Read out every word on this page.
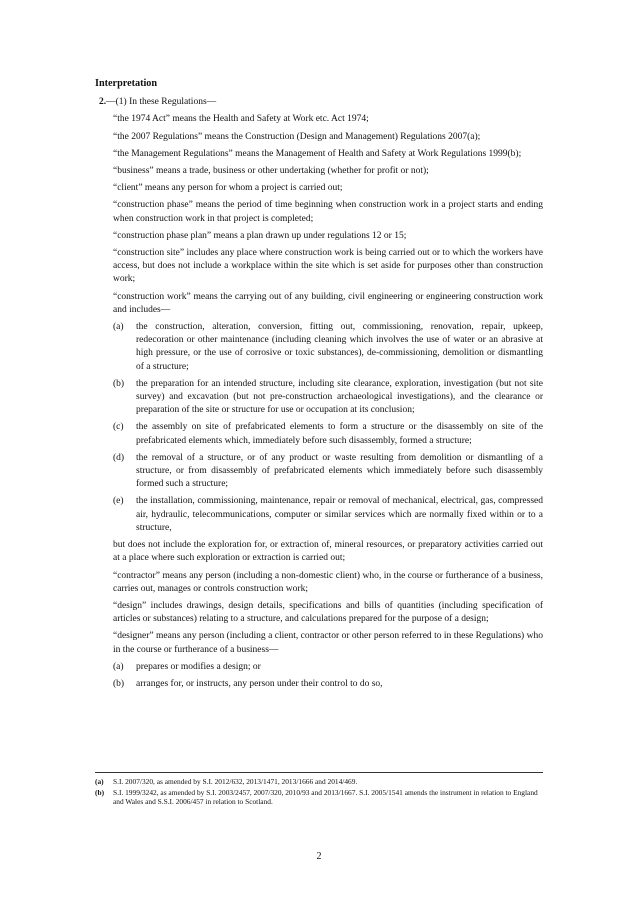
Interpretation
2.—(1) In these Regulations—
“the 1974 Act” means the Health and Safety at Work etc. Act 1974;
“the 2007 Regulations” means the Construction (Design and Management) Regulations 2007(a);
“the Management Regulations” means the Management of Health and Safety at Work Regulations 1999(b);
“business” means a trade, business or other undertaking (whether for profit or not);
“client” means any person for whom a project is carried out;
“construction phase” means the period of time beginning when construction work in a project starts and ending when construction work in that project is completed;
“construction phase plan” means a plan drawn up under regulations 12 or 15;
“construction site” includes any place where construction work is being carried out or to which the workers have access, but does not include a workplace within the site which is set aside for purposes other than construction work;
“construction work” means the carrying out of any building, civil engineering or engineering construction work and includes—
(a)	the construction, alteration, conversion, fitting out, commissioning, renovation, repair, upkeep, redecoration or other maintenance (including cleaning which involves the use of water or an abrasive at high pressure, or the use of corrosive or toxic substances), de-commissioning, demolition or dismantling of a structure;
(b)	the preparation for an intended structure, including site clearance, exploration, investigation (but not site survey) and excavation (but not pre-construction archaeological investigations), and the clearance or preparation of the site or structure for use or occupation at its conclusion;
(c)	the assembly on site of prefabricated elements to form a structure or the disassembly on site of the prefabricated elements which, immediately before such disassembly, formed a structure;
(d)	the removal of a structure, or of any product or waste resulting from demolition or dismantling of a structure, or from disassembly of prefabricated elements which immediately before such disassembly formed such a structure;
(e)	the installation, commissioning, maintenance, repair or removal of mechanical, electrical, gas, compressed air, hydraulic, telecommunications, computer or similar services which are normally fixed within or to a structure,
but does not include the exploration for, or extraction of, mineral resources, or preparatory activities carried out at a place where such exploration or extraction is carried out;
“contractor” means any person (including a non-domestic client) who, in the course or furtherance of a business, carries out, manages or controls construction work;
“design” includes drawings, design details, specifications and bills of quantities (including specification of articles or substances) relating to a structure, and calculations prepared for the purpose of a design;
“designer” means any person (including a client, contractor or other person referred to in these Regulations) who in the course or furtherance of a business—
(a)	prepares or modifies a design; or
(b)	arranges for, or instructs, any person under their control to do so,
(a)	S.I. 2007/320, as amended by S.I. 2012/632, 2013/1471, 2013/1666 and 2014/469.
(b)	S.I. 1999/3242, as amended by S.I. 2003/2457, 2007/320, 2010/93 and 2013/1667. S.I. 2005/1541 amends the instrument in relation to England and Wales and S.S.I. 2006/457 in relation to Scotland.
2
